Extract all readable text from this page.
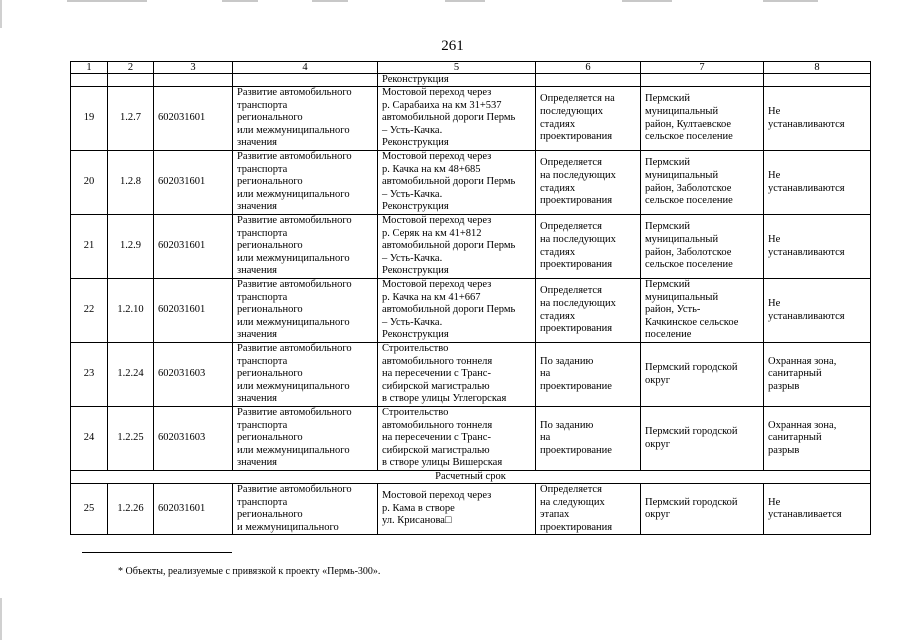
261
1	2	3	4	5	6	7	8
				Реконструкция			
19	1.2.7	602031601	Развитие автомобильного
транспорта
регионального
или межмуниципального
значения	Мостовой переход через
р. Сарабаиха на км 31+537
автомобильной дороги Пермь
– Усть-Качка.
Реконструкция	Определяется на
последующих
стадиях
проектирования	Пермский
муниципальный
район, Култаевское
сельское поселение	Не
устанавливаются
20	1.2.8	602031601	Развитие автомобильного
транспорта
регионального
или межмуниципального
значения	Мостовой переход через
р. Качка на км 48+685
автомобильной дороги Пермь
– Усть-Качка.
Реконструкция	Определяется
на последующих
стадиях
проектирования	Пермский
муниципальный
район, Заболотское
сельское поселение	Не
устанавливаются
21	1.2.9	602031601	Развитие автомобильного
транспорта
регионального
или межмуниципального
значения	Мостовой переход через
р. Серяк на км 41+812
автомобильной дороги Пермь
– Усть-Качка.
Реконструкция	Определяется
на последующих
стадиях
проектирования	Пермский
муниципальный
район, Заболотское
сельское поселение	Не
устанавливаются
22	1.2.10	602031601	Развитие автомобильного
транспорта
регионального
или межмуниципального
значения	Мостовой переход через
р. Качка на км 41+667
автомобильной дороги Пермь
– Усть-Качка.
Реконструкция	Определяется
на последующих
стадиях
проектирования	Пермский
муниципальный
район, Усть-
Качкинское сельское
поселение	Не
устанавливаются
23	1.2.24	602031603	Развитие автомобильного
транспорта
регионального
или межмуниципального
значения	Строительство
автомобильного тоннеля
на пересечении с Транс-
сибирской магистралью
в створе улицы Углегорская	По заданию
на
проектирование	Пермский городской
округ	Охранная зона,
санитарный
разрыв
24	1.2.25	602031603	Развитие автомобильного
транспорта
регионального
или межмуниципального
значения	Строительство
автомобильного тоннеля
на пересечении с Транс-
сибирской магистралью
в створе улицы Вишерская	По заданию
на
проектирование	Пермский городской
округ	Охранная зона,
санитарный
разрыв
Расчетный срок							
25	1.2.26	602031601	Развитие автомобильного
транспорта
регионального
и межмуниципального	Мостовой переход через
р. Кама в створе
ул. Крисанова□	Определяется
на следующих
этапах
проектирования	Пермский городской
округ	Не
устанавливается
* Объекты, реализуемые с привязкой к проекту «Пермь-300».
